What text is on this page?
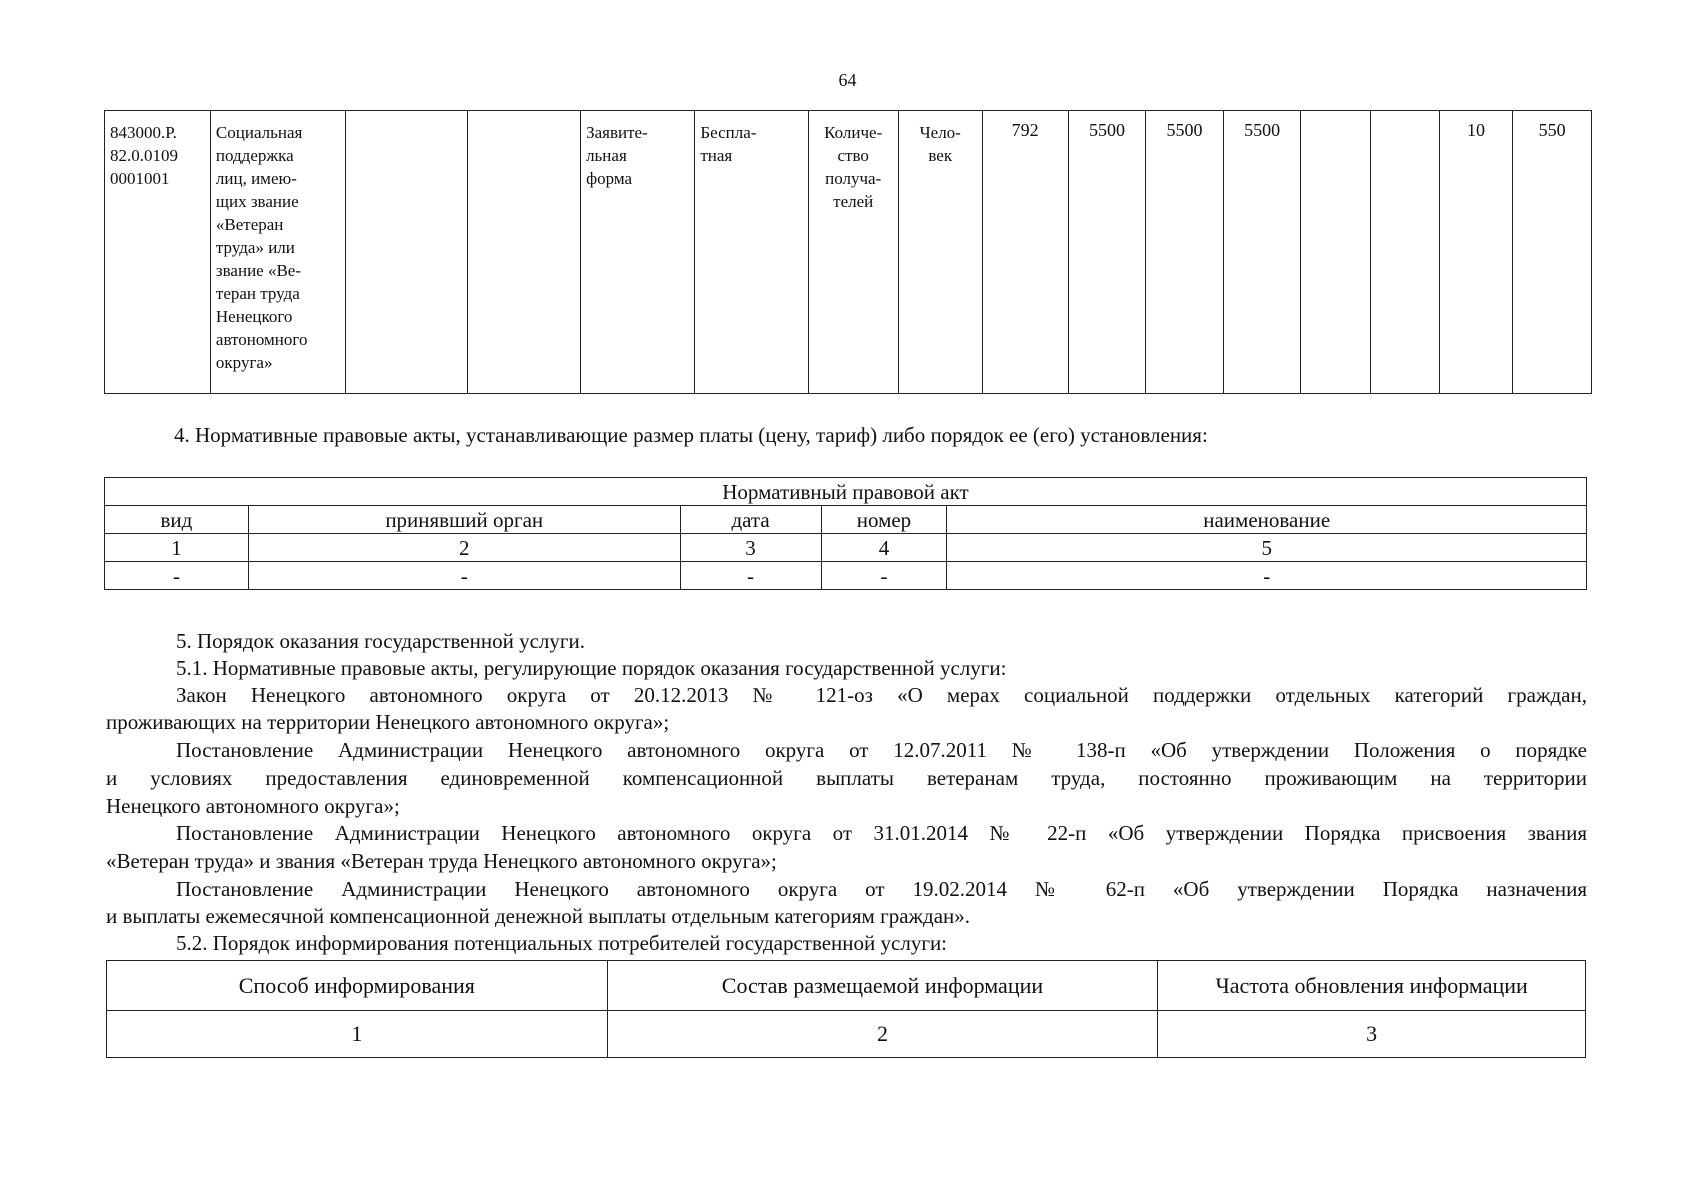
64
843000.Р.
82.0.0109
0001001	Социальная
поддержка
лиц, имею-
щих звание
«Ветеран
труда» или
звание «Ве-
теран труда
Ненецкого
автономного
округа»			Заявите-
льная
форма	Бесплa-
тная	Количе-
ство
получа-
телей	Чело-
век	792	5500	5500	5500			10	550
4. Нормативные правовые акты, устанавливающие размер платы (цену, тариф) либо порядок ее (его) установления:
Нормативный правовой акт				
вид	принявший орган	дата	номер	наименование
1	2	3	4	5
-	-	-	-	-
5. Порядок оказания государственной услуги.
5.1. Нормативные правовые акты, регулирующие порядок оказания государственной услуги:
Закон Ненецкого автономного округа от 20.12.2013 № 121-оз «О мерах социальной поддержки отдельных категорий граждан,
проживающих на территории Ненецкого автономного округа»;
Постановление Администрации Ненецкого автономного округа от 12.07.2011 № 138-п «Об утверждении Положения о порядке
и условиях предоставления единовременной компенсационной выплаты ветеранам труда, постоянно проживающим на территории
Ненецкого автономного округа»;
Постановление Администрации Ненецкого автономного округа от 31.01.2014 № 22-п «Об утверждении Порядка присвоения звания
«Ветеран труда» и звания «Ветеран труда Ненецкого автономного округа»;
Постановление Администрации Ненецкого автономного округа от 19.02.2014 № 62-п «Об утверждении Порядка назначения
и выплаты ежемесячной компенсационной денежной выплаты отдельным категориям граждан».
5.2. Порядок информирования потенциальных потребителей государственной услуги:
Способ информирования	Состав размещаемой информации	Частота обновления информации
1	2	3
